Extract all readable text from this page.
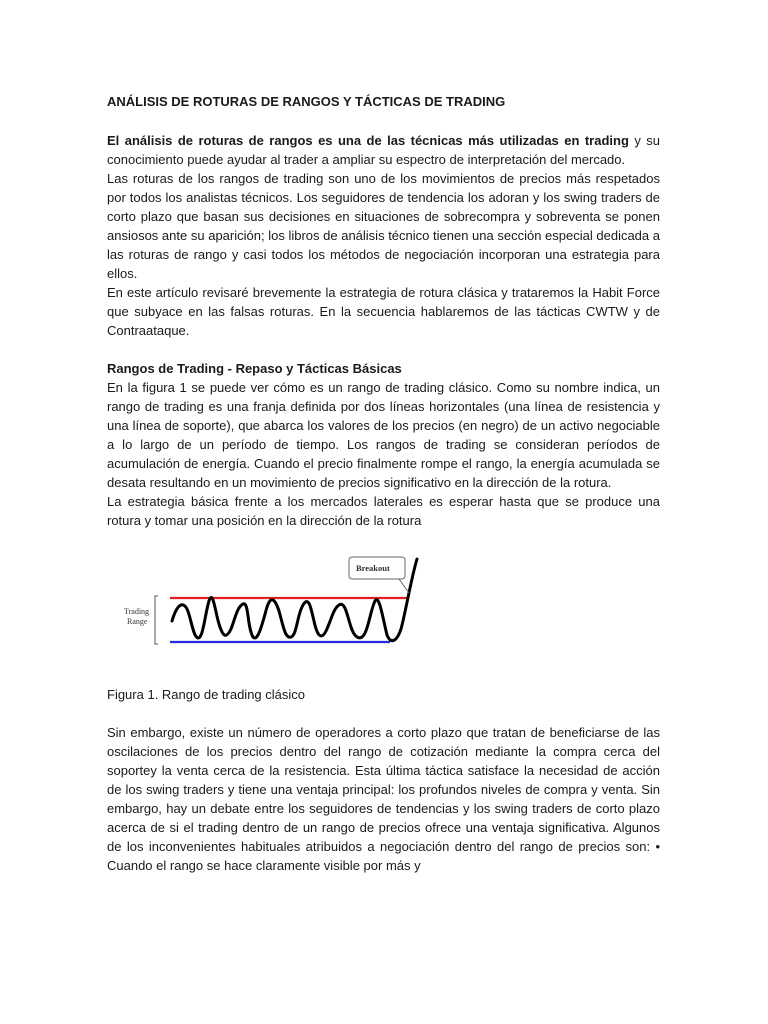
ANÁLISIS DE ROTURAS DE RANGOS Y TÁCTICAS DE TRADING

El análisis de roturas de rangos es una de las técnicas más utilizadas en trading y su conocimiento puede ayudar al trader a ampliar su espectro de interpretación del mercado.

Las roturas de los rangos de trading son uno de los movimientos de precios más respetados por todos los analistas técnicos. Los seguidores de tendencia los adoran y los swing traders de corto plazo que basan sus decisiones en situaciones de sobrecompra y sobreventa se ponen ansiosos ante su aparición; los libros de análisis técnico tienen una sección especial dedicada a las roturas de rango y casi todos los métodos de negociación incorporan una estrategia para ellos.

En este artículo revisaré brevemente la estrategia de rotura clásica y trataremos la Habit Force que subyace en las falsas roturas. En la secuencia hablaremos de las tácticas CWTW y de Contraataque.

Rangos de Trading - Repaso y Tácticas Básicas

En la figura 1 se puede ver cómo es un rango de trading clásico. Como su nombre indica, un rango de trading es una franja definida por dos líneas horizontales (una línea de resistencia y una línea de soporte), que abarca los valores de los precios (en negro) de un activo negociable a lo largo de un período de tiempo. Los rangos de trading se consideran períodos de acumulación de energía. Cuando el precio finalmente rompe el rango, la energía acumulada se desata resultando en un movimiento de precios significativo en la dirección de la rotura.

La estrategia básica frente a los mercados laterales es esperar hasta que se produce una rotura y tomar una posición en la dirección de la rotura

Trading
Range
Breakout
Figura 1. Rango de trading clásico

Sin embargo, existe un número de operadores a corto plazo que tratan de beneficiarse de las oscilaciones de los precios dentro del rango de cotización mediante la compra cerca del soportey la venta cerca de la resistencia. Esta última táctica satisface la necesidad de acción de los swing traders y tiene una ventaja principal: los profundos niveles de compra y venta. Sin embargo, hay un debate entre los seguidores de tendencias y los swing traders de corto plazo acerca de si el trading dentro de un rango de precios ofrece una ventaja significativa. Algunos de los inconvenientes habituales atribuidos a negociación dentro del rango de precios son: • Cuando el rango se hace claramente visible por más y
